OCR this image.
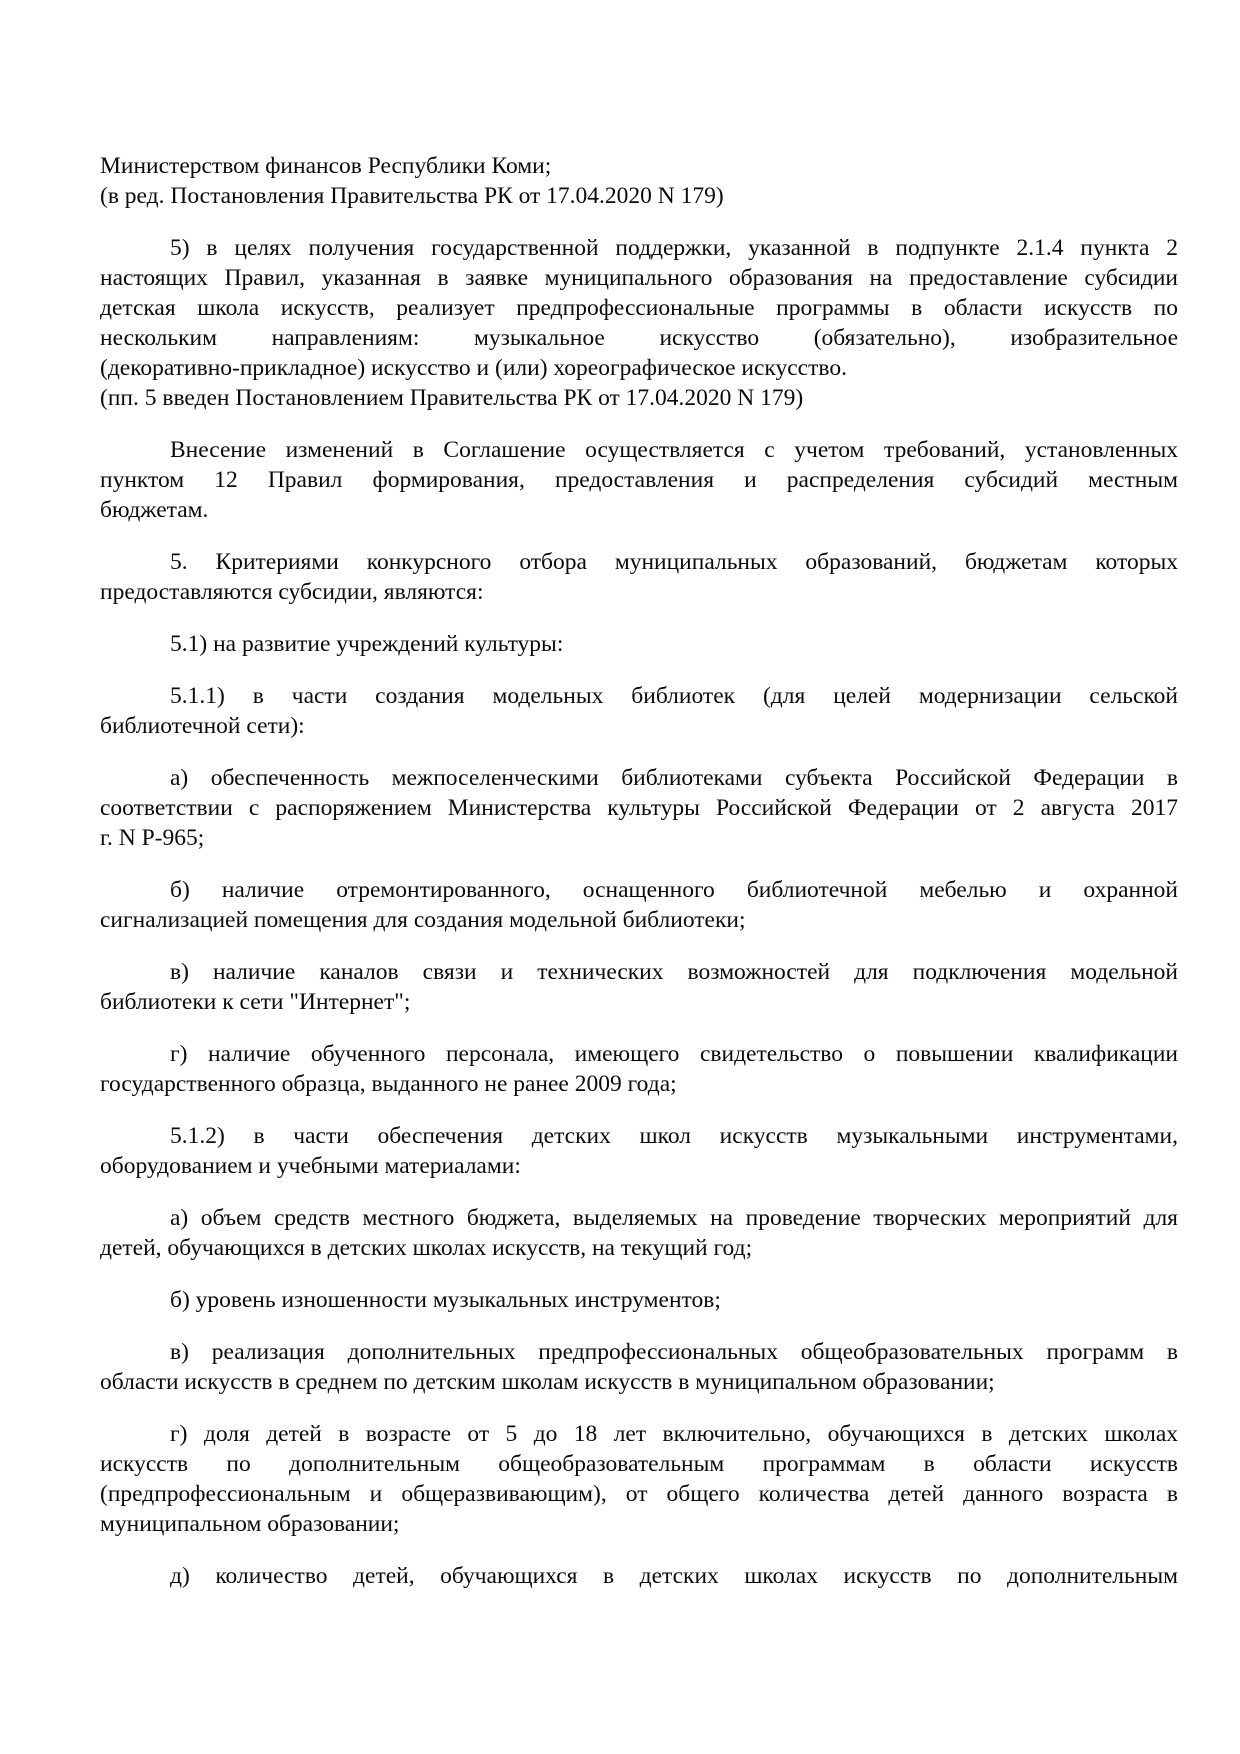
Министерством финансов Республики Коми;

(в ред. Постановления Правительства РК от 17.04.2020 N 179)

5) в целях получения государственной поддержки, указанной в подпункте 2.1.4 пункта 2
настоящих Правил, указанная в заявке муниципального образования на предоставление субсидии
детская школа искусств, реализует предпрофессиональные программы в области искусств по
нескольким направлениям: музыкальное искусство (обязательно), изобразительное
(декоративно-прикладное) искусство и (или) хореографическое искусство.

(пп. 5 введен Постановлением Правительства РК от 17.04.2020 N 179)

Внесение изменений в Соглашение осуществляется с учетом требований, установленных
пунктом 12 Правил формирования, предоставления и распределения субсидий местным
бюджетам.

5. Критериями конкурсного отбора муниципальных образований, бюджетам которых
предоставляются субсидии, являются:

5.1) на развитие учреждений культуры:

5.1.1) в части создания модельных библиотек (для целей модернизации сельской
библиотечной сети):

а) обеспеченность межпоселенческими библиотеками субъекта Российской Федерации в
соответствии с распоряжением Министерства культуры Российской Федерации от 2 августа 2017
г. N Р-965;

б) наличие отремонтированного, оснащенного библиотечной мебелью и охранной
сигнализацией помещения для создания модельной библиотеки;

в) наличие каналов связи и технических возможностей для подключения модельной
библиотеки к сети "Интернет";

г) наличие обученного персонала, имеющего свидетельство о повышении квалификации
государственного образца, выданного не ранее 2009 года;

5.1.2) в части обеспечения детских школ искусств музыкальными инструментами,
оборудованием и учебными материалами:

а) объем средств местного бюджета, выделяемых на проведение творческих мероприятий для
детей, обучающихся в детских школах искусств, на текущий год;

б) уровень изношенности музыкальных инструментов;

в) реализация дополнительных предпрофессиональных общеобразовательных программ в
области искусств в среднем по детским школам искусств в муниципальном образовании;

г) доля детей в возрасте от 5 до 18 лет включительно, обучающихся в детских школах
искусств по дополнительным общеобразовательным программам в области искусств
(предпрофессиональным и общеразвивающим), от общего количества детей данного возраста в
муниципальном образовании;

д) количество детей, обучающихся в детских школах искусств по дополнительным
